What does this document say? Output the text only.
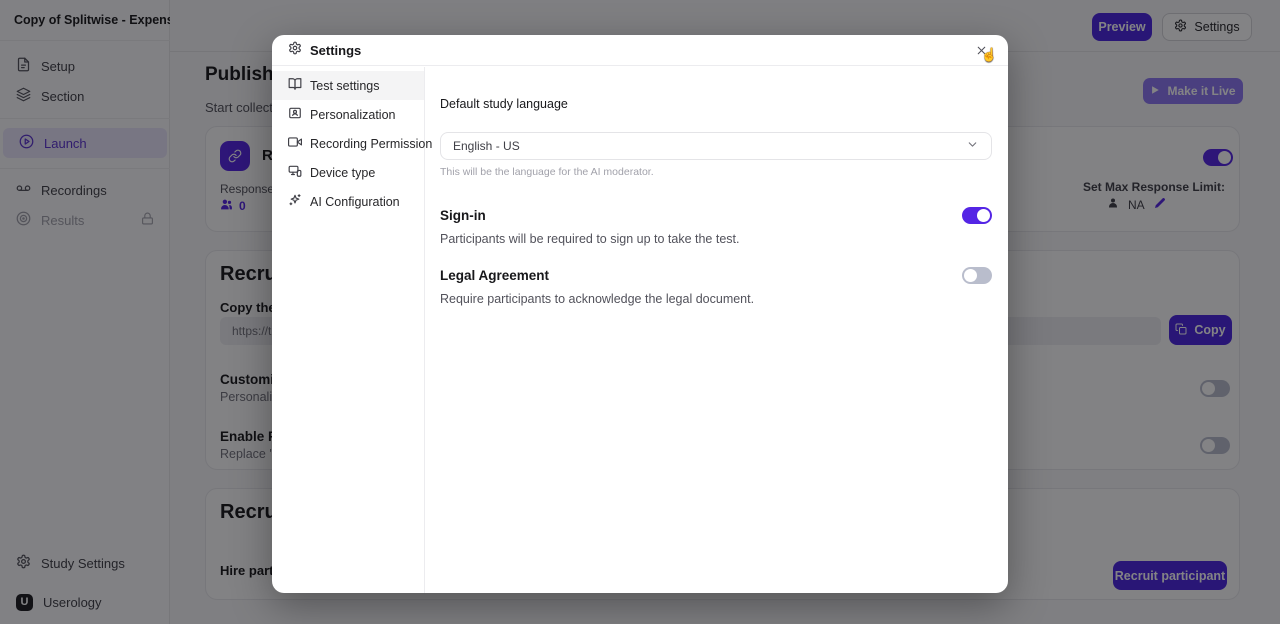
Settings
Test settings
Personalization
Recording Permission
Device type
AI Configuration
Default study language
English - US
This will be the language for the AI moderator.
Sign-in
Participants will be required to sign up to take the test.
Legal Agreement
Require participants to acknowledge the legal document.
☝
